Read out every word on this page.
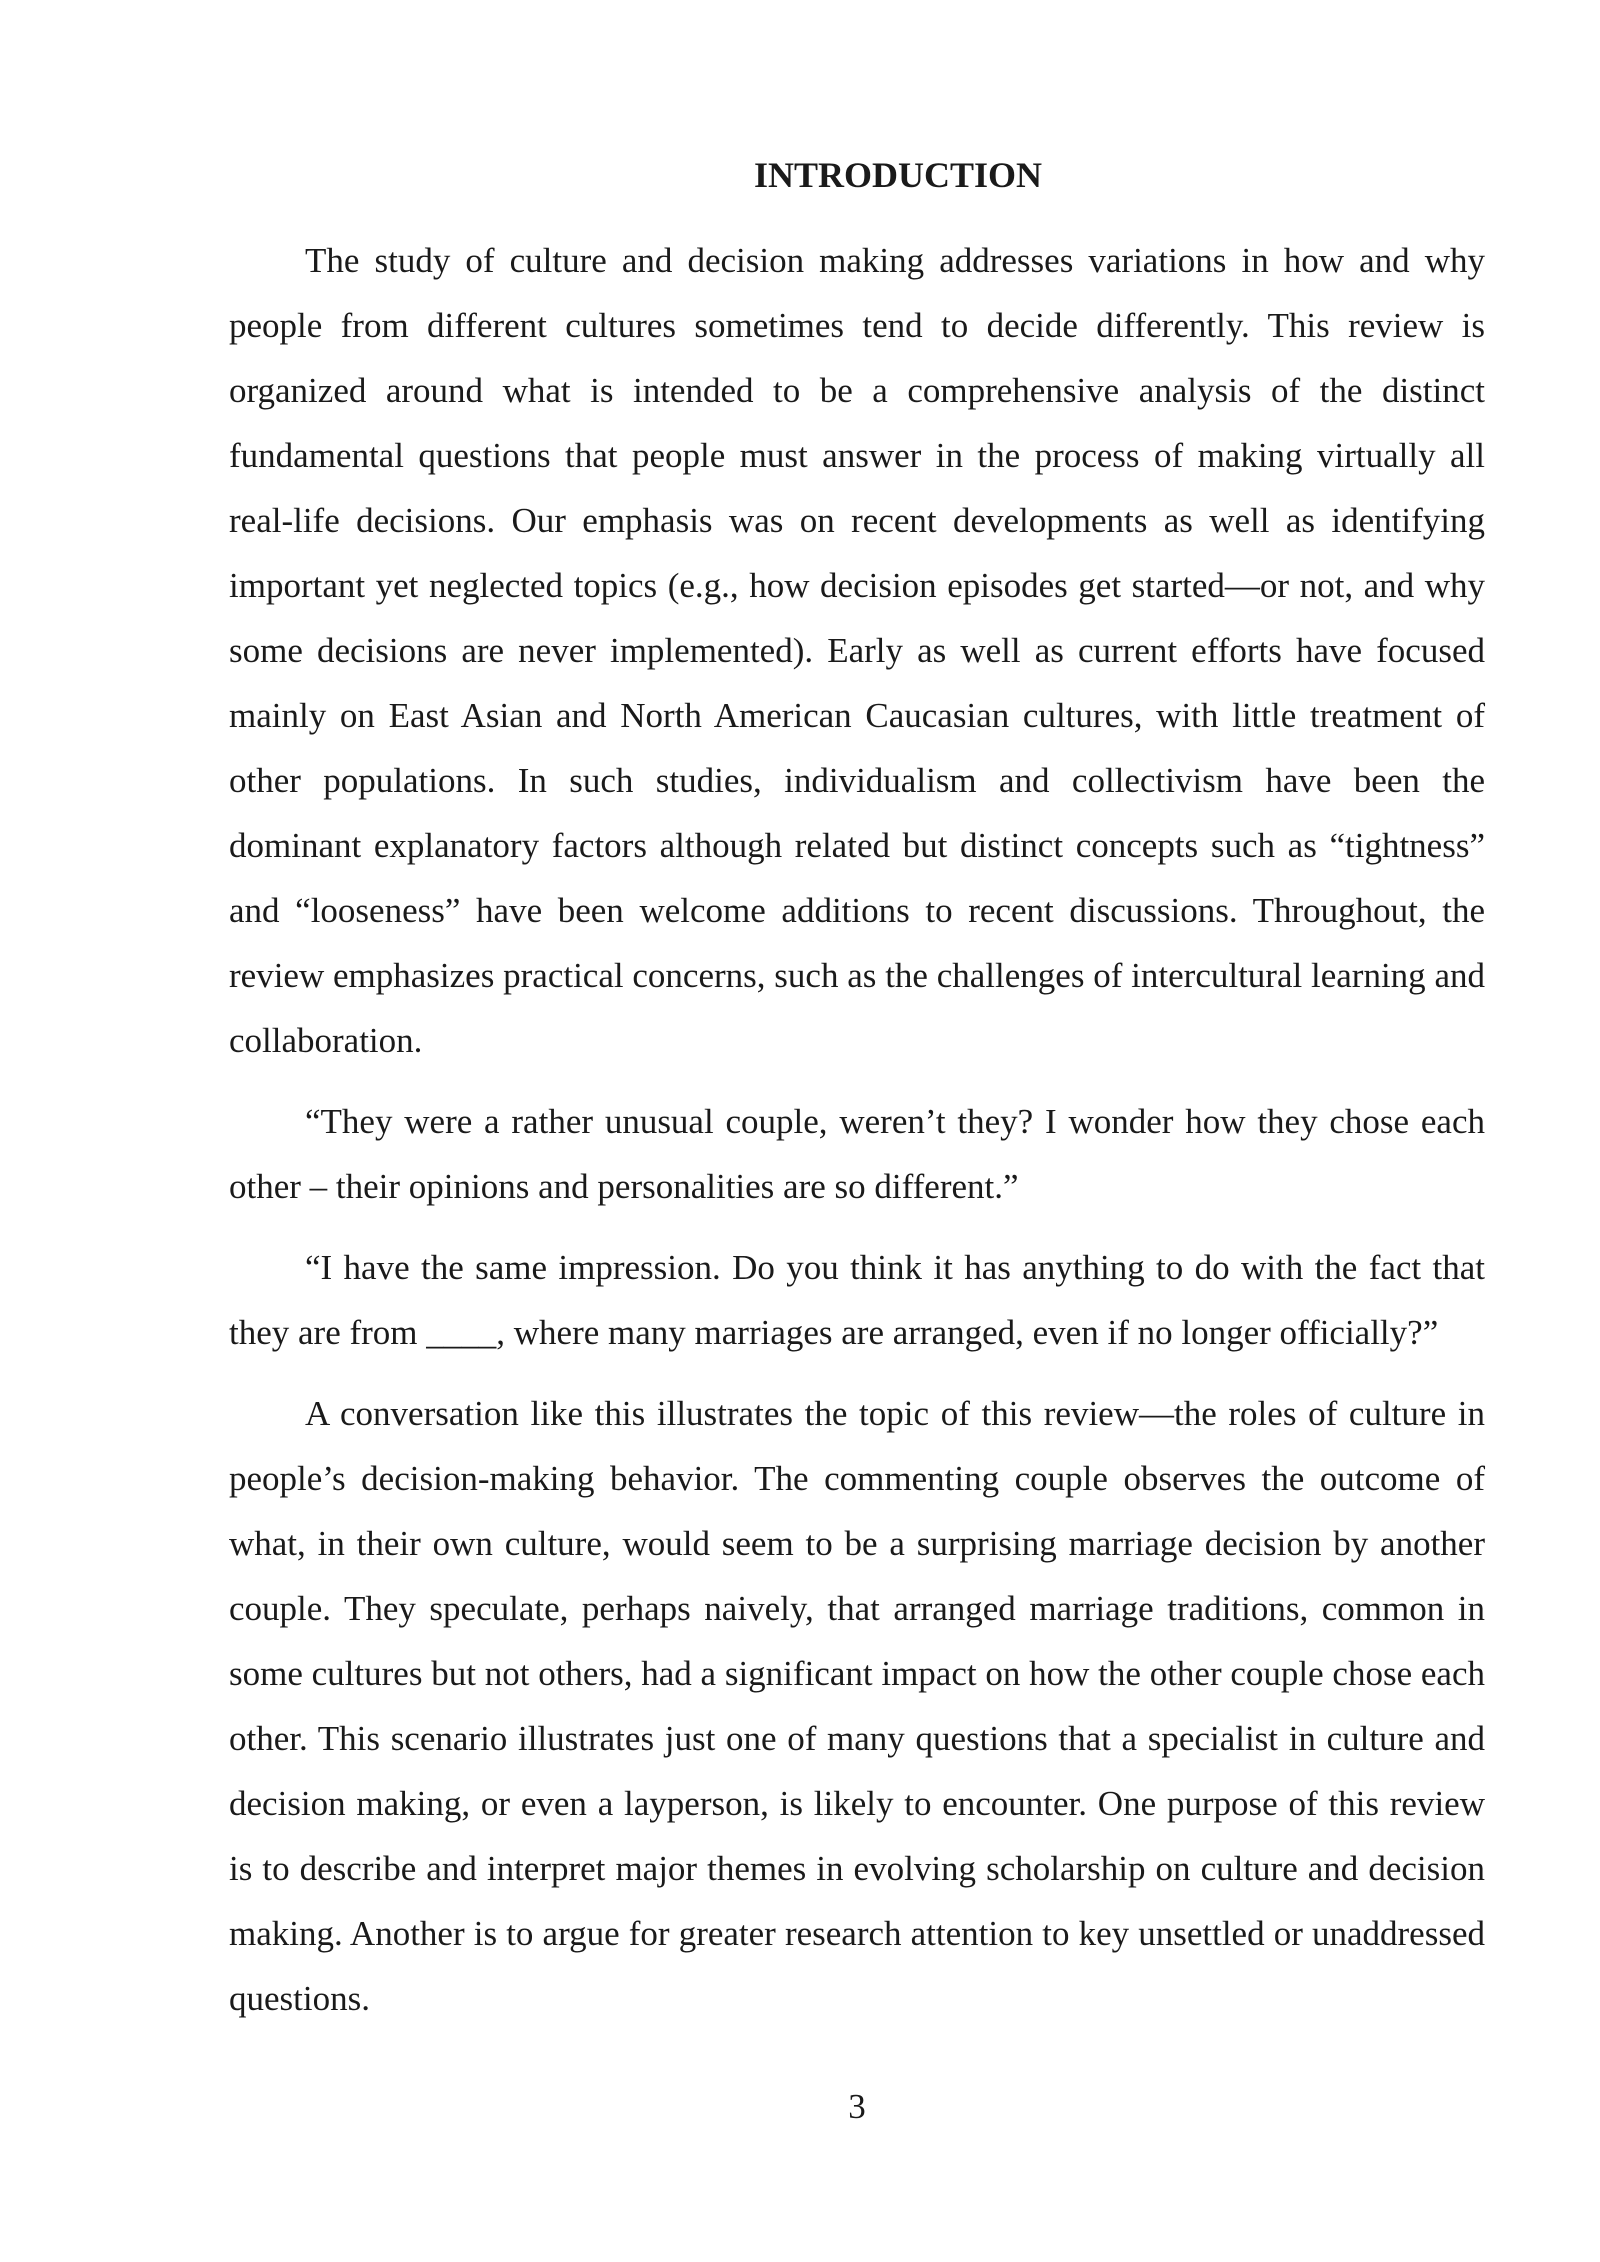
INTRODUCTION

The study of culture and decision making addresses variations in how and why people from different cultures sometimes tend to decide differently. This review is organized around what is intended to be a comprehensive analysis of the distinct fundamental questions that people must answer in the process of making virtually all real-life decisions. Our emphasis was on recent developments as well as identifying important yet neglected topics (e.g., how decision episodes get started—or not, and why some decisions are never implemented). Early as well as current efforts have focused mainly on East Asian and North American Caucasian cultures, with little treatment of other populations. In such studies, individualism and collectivism have been the dominant explanatory factors although related but distinct concepts such as “tightness” and “looseness” have been welcome additions to recent discussions. Throughout, the review emphasizes practical concerns, such as the challenges of intercultural learning and collaboration.

“They were a rather unusual couple, weren’t they? I wonder how they chose each other – their opinions and personalities are so different.”

“I have the same impression. Do you think it has anything to do with the fact that they are from ____, where many marriages are arranged, even if no longer officially?”

A conversation like this illustrates the topic of this review—the roles of culture in people’s decision-making behavior. The commenting couple observes the outcome of what, in their own culture, would seem to be a surprising marriage decision by another couple. They speculate, perhaps naively, that arranged marriage traditions, common in some cultures but not others, had a significant impact on how the other couple chose each other. This scenario illustrates just one of many questions that a specialist in culture and decision making, or even a layperson, is likely to encounter. One purpose of this review is to describe and interpret major themes in evolving scholarship on culture and decision making. Another is to argue for greater research attention to key unsettled or unaddressed questions.

3
